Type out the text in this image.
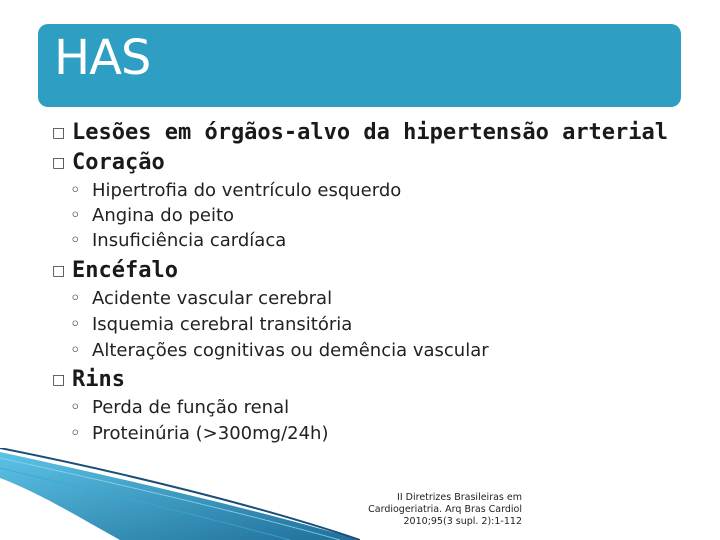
HAS
□ Lesões em órgãos-alvo da hipertensão arterial
□ Coração
◦ Hipertrofia do ventrículo esquerdo
◦ Angina do peito
◦ Insuficiência cardíaca
□ Encéfalo
◦ Acidente vascular cerebral
◦ Isquemia cerebral transitória
◦ Alterações cognitivas ou demência vascular
□ Rins
◦ Perda de função renal
◦ Proteinúria (>300mg/24h)
II Diretrizes Brasileiras em
Cardiogeriatria. Arq Bras Cardiol
2010;95(3 supl. 2):1-112
